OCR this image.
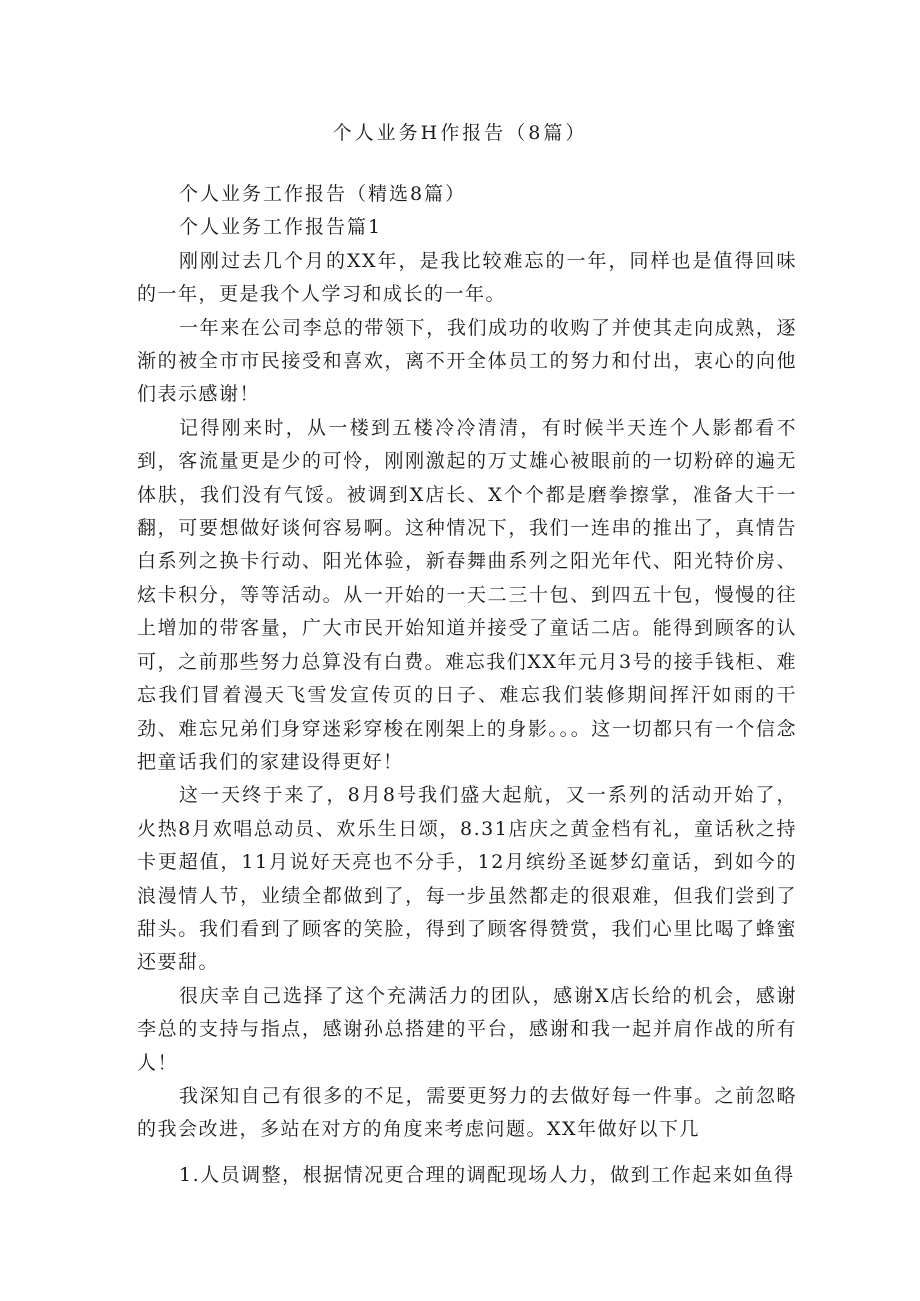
个人业务H作报告（8篇）

个人业务工作报告（精选8篇）

个人业务工作报告篇1

刚刚过去几个月的XX年，是我比较难忘的一年，同样也是值得回味的一年，更是我个人学习和成长的一年。

一年来在公司李总的带领下，我们成功的收购了并使其走向成熟，逐渐的被全市市民接受和喜欢，离不开全体员工的努力和付出，衷心的向他们表示感谢！

记得刚来时，从一楼到五楼冷冷清清，有时候半天连个人影都看不到，客流量更是少的可怜，刚刚激起的万丈雄心被眼前的一切粉碎的遍无体肤，我们没有气馁。被调到X店长、X个个都是磨拳擦掌，准备大干一翻，可要想做好谈何容易啊。这种情况下，我们一连串的推出了，真情告白系列之换卡行动、阳光体验，新春舞曲系列之阳光年代、阳光特价房、炫卡积分，等等活动。从一开始的一天二三十包、到四五十包，慢慢的往上增加的带客量，广大市民开始知道并接受了童话二店。能得到顾客的认可，之前那些努力总算没有白费。难忘我们XX年元月3号的接手钱柜、难忘我们冒着漫天飞雪发宣传页的日子、难忘我们装修期间挥汗如雨的干劲、难忘兄弟们身穿迷彩穿梭在刚架上的身影。。。这一切都只有一个信念把童话我们的家建设得更好！

这一天终于来了，8月8号我们盛大起航，又一系列的活动开始了，火热8月欢唱总动员、欢乐生日颂，8.31店庆之黄金档有礼，童话秋之持卡更超值，11月说好天亮也不分手，12月缤纷圣诞梦幻童话，到如今的浪漫情人节，业绩全都做到了，每一步虽然都走的很艰难，但我们尝到了甜头。我们看到了顾客的笑脸，得到了顾客得赞赏，我们心里比喝了蜂蜜还要甜。

很庆幸自己选择了这个充满活力的团队，感谢X店长给的机会，感谢李总的支持与指点，感谢孙总搭建的平台，感谢和我一起并肩作战的所有人！

我深知自己有很多的不足，需要更努力的去做好每一件事。之前忽略的我会改进，多站在对方的角度来考虑问题。XX年做好以下几

1.人员调整，根据情况更合理的调配现场人力，做到工作起来如鱼得
